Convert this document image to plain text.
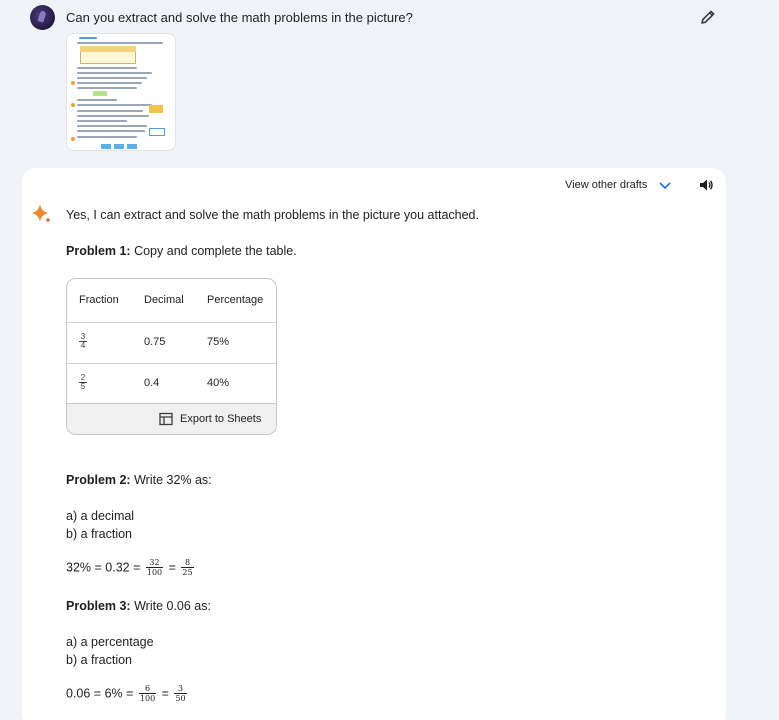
Can you extract and solve the math problems in the picture?
View other drafts
Yes, I can extract and solve the math problems in the picture you attached.
Problem 1: Copy and complete the table.
Fraction Decimal Percentage
3
4	0.75	75%
2
5	0.4	40%
Export to Sheets
Problem 2: Write 32% as:
a) a decimal
b) a fraction
$32\% = 0.32 = \frac{32}{100} = \frac{8}{25}$
Problem 3: Write 0.06 as:
a) a percentage
b) a fraction
$0.06 = 6\% = \frac{6}{100} = \frac{3}{50}$
